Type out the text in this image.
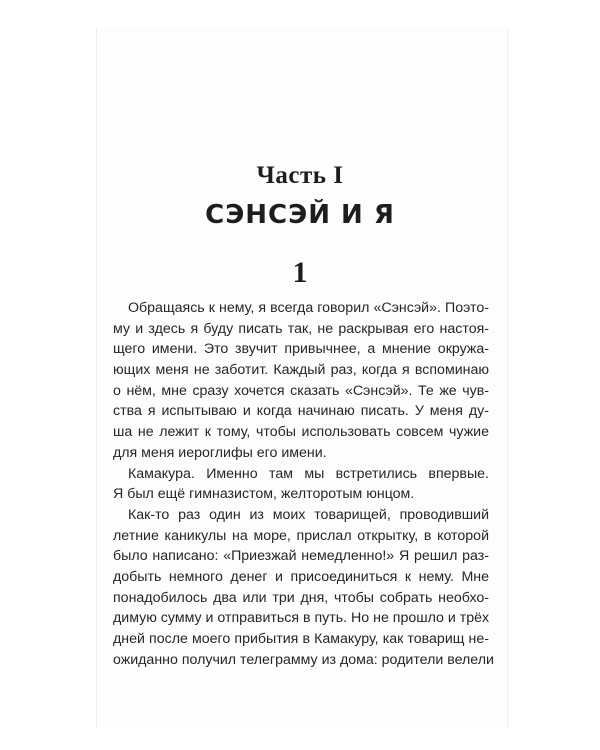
Часть I
СЭНСЭЙ И Я
1

Обращаясь к нему, я всегда говорил «Сэнсэй». Поэто-
му и здесь я буду писать так, не раскрывая его настоя-
щего имени. Это звучит привычнее, а мнение окружа-
ющих меня не заботит. Каждый раз, когда я вспоминаю
о нём, мне сразу хочется сказать «Сэнсэй». Те же чув-
ства я испытываю и когда начинаю писать. У меня ду-
ша не лежит к тому, чтобы использовать совсем чужие
для меня иероглифы его имени.

Камакура. Именно там мы встретились впервые.
Я был ещё гимназистом, желторотым юнцом.

Как-то раз один из моих товарищей, проводивший
летние каникулы на море, прислал открытку, в которой
было написано: «Приезжай немедленно!» Я решил раз-
добыть немного денег и присоединиться к нему. Мне
понадобилось два или три дня, чтобы собрать необхо-
димую сумму и отправиться в путь. Но не прошло и трёх
дней после моего прибытия в Камакуру, как товарищ не-
ожиданно получил телеграмму из дома: родители велели
